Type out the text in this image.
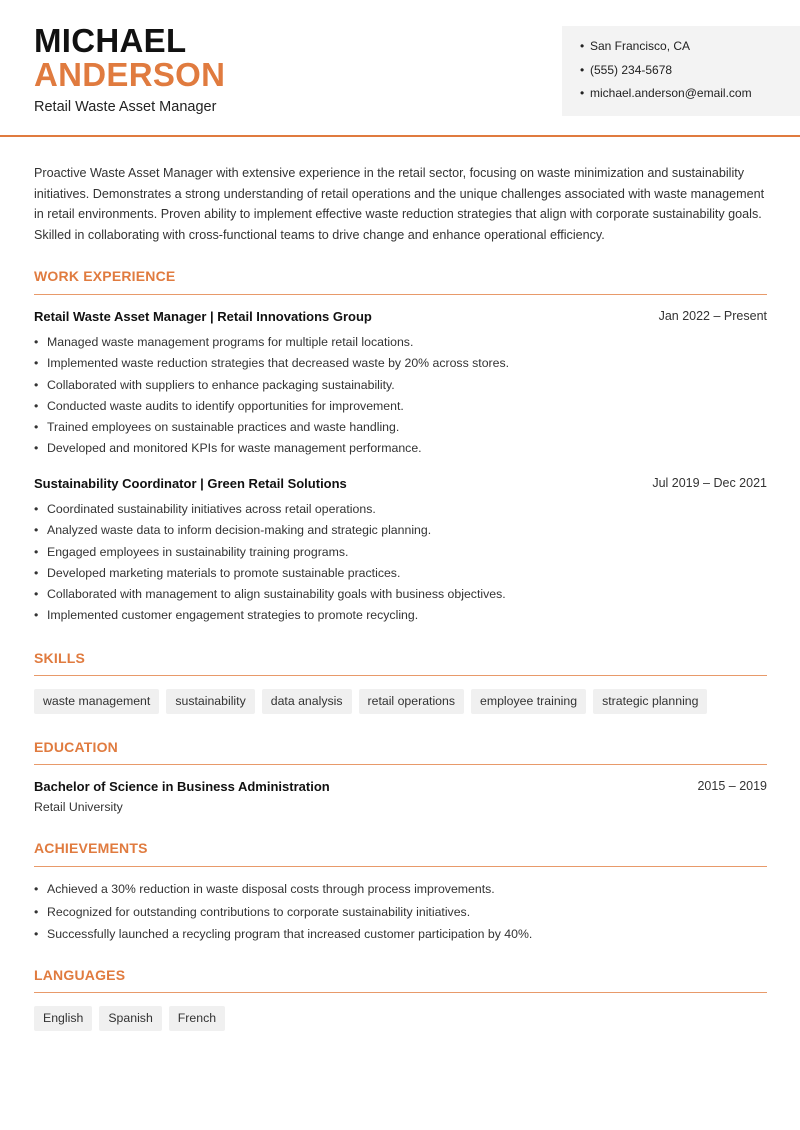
MICHAEL
ANDERSON
Retail Waste Asset Manager
• San Francisco, CA
• (555) 234-5678
• michael.anderson@email.com

Proactive Waste Asset Manager with extensive experience in the retail sector, focusing on waste minimization and sustainability initiatives. Demonstrates a strong understanding of retail operations and the unique challenges associated with waste management in retail environments. Proven ability to implement effective waste reduction strategies that align with corporate sustainability goals. Skilled in collaborating with cross-functional teams to drive change and enhance operational efficiency.

WORK EXPERIENCE
Retail Waste Asset Manager | Retail Innovations Group	Jan 2022 – Present
• Managed waste management programs for multiple retail locations.
• Implemented waste reduction strategies that decreased waste by 20% across stores.
• Collaborated with suppliers to enhance packaging sustainability.
• Conducted waste audits to identify opportunities for improvement.
• Trained employees on sustainable practices and waste handling.
• Developed and monitored KPIs for waste management performance.
Sustainability Coordinator | Green Retail Solutions	Jul 2019 – Dec 2021
• Coordinated sustainability initiatives across retail operations.
• Analyzed waste data to inform decision-making and strategic planning.
• Engaged employees in sustainability training programs.
• Developed marketing materials to promote sustainable practices.
• Collaborated with management to align sustainability goals with business objectives.
• Implemented customer engagement strategies to promote recycling.
SKILLS
waste management	sustainability	data analysis	retail operations	employee training	strategic planning
EDUCATION
Bachelor of Science in Business Administration	2015 – 2019
Retail University
ACHIEVEMENTS
• Achieved a 30% reduction in waste disposal costs through process improvements.
• Recognized for outstanding contributions to corporate sustainability initiatives.
• Successfully launched a recycling program that increased customer participation by 40%.
LANGUAGES
English	Spanish	French
